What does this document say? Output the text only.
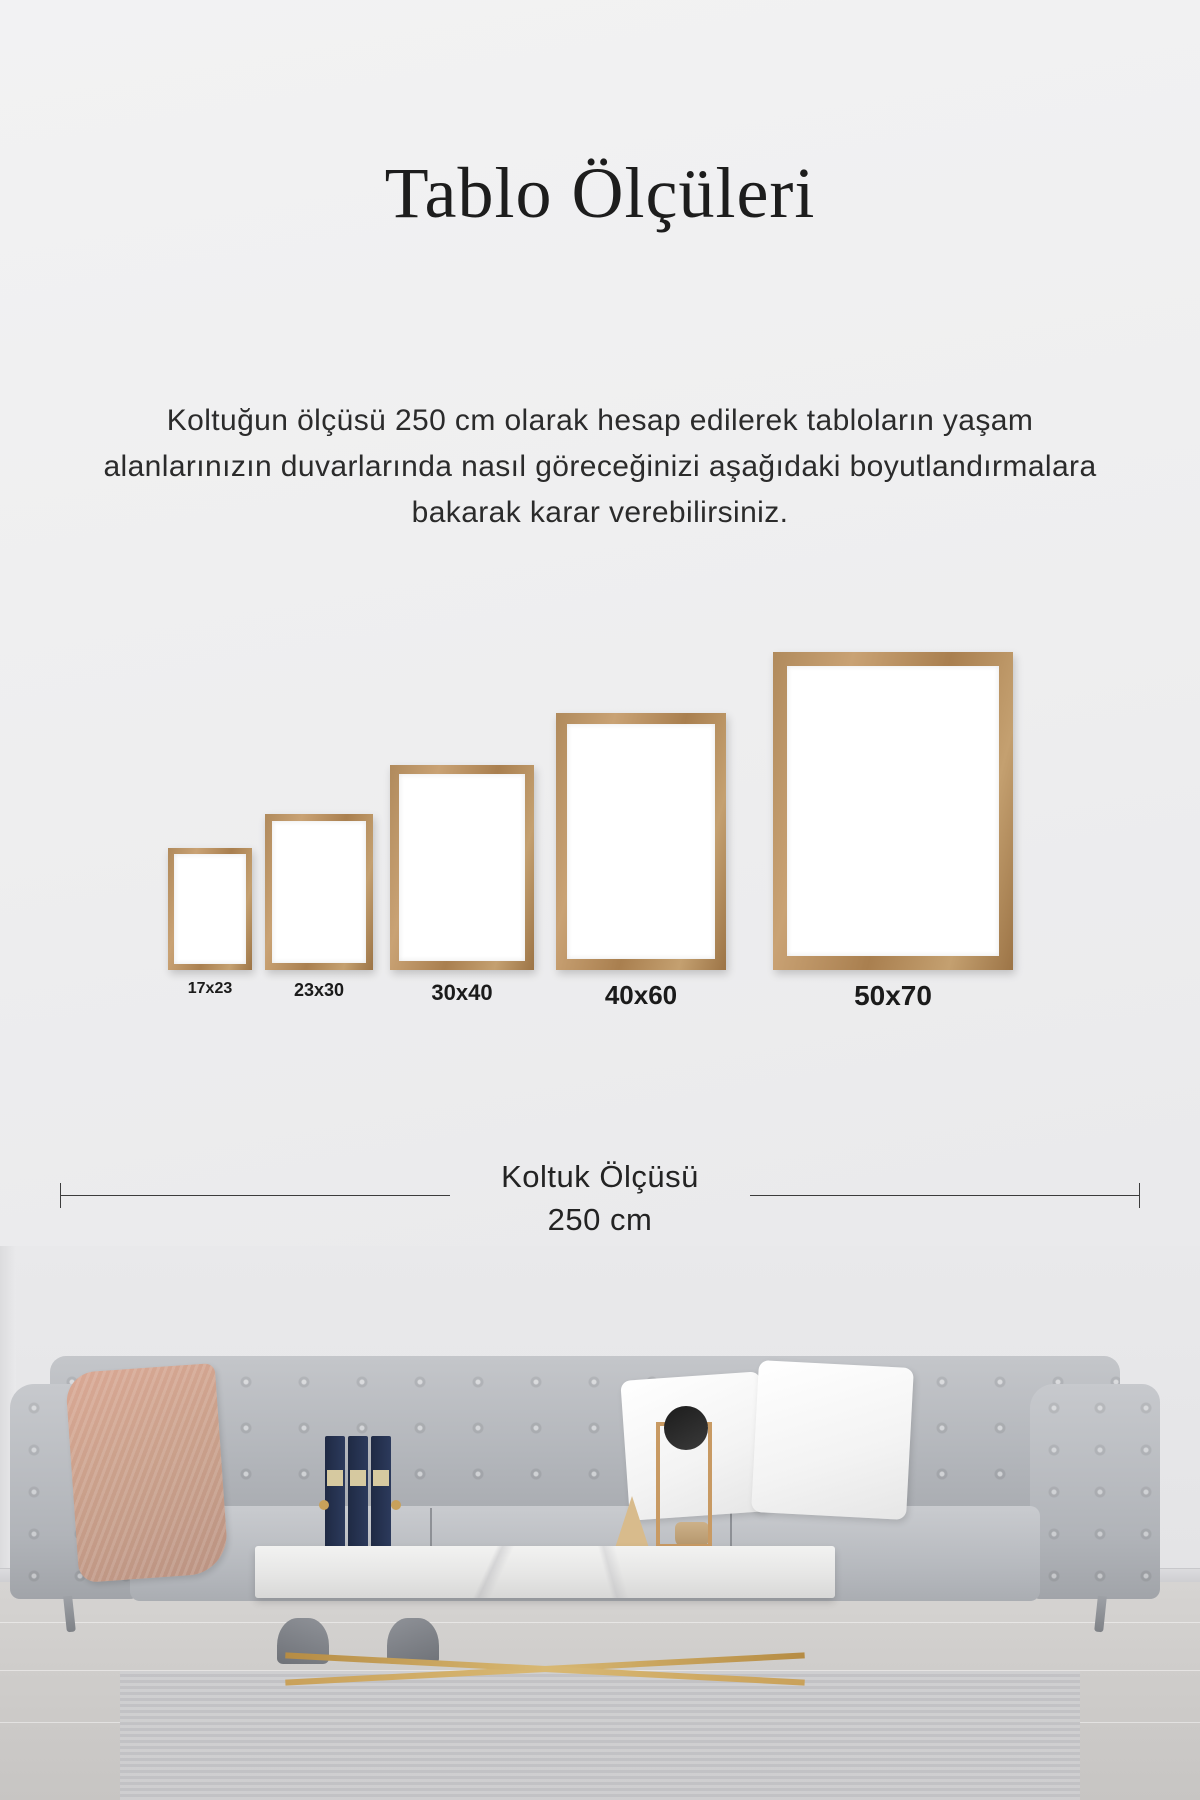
Tablo Ölçüleri
Koltuğun ölçüsü 250 cm olarak hesap edilerek tabloların yaşam alanlarınızın duvarlarında nasıl göreceğinizi aşağıdaki boyutlandırmalara bakarak karar verebilirsiniz.
17x23	23x30	30x40	40x60	50x70
Koltuk Ölçüsü
250 cm
